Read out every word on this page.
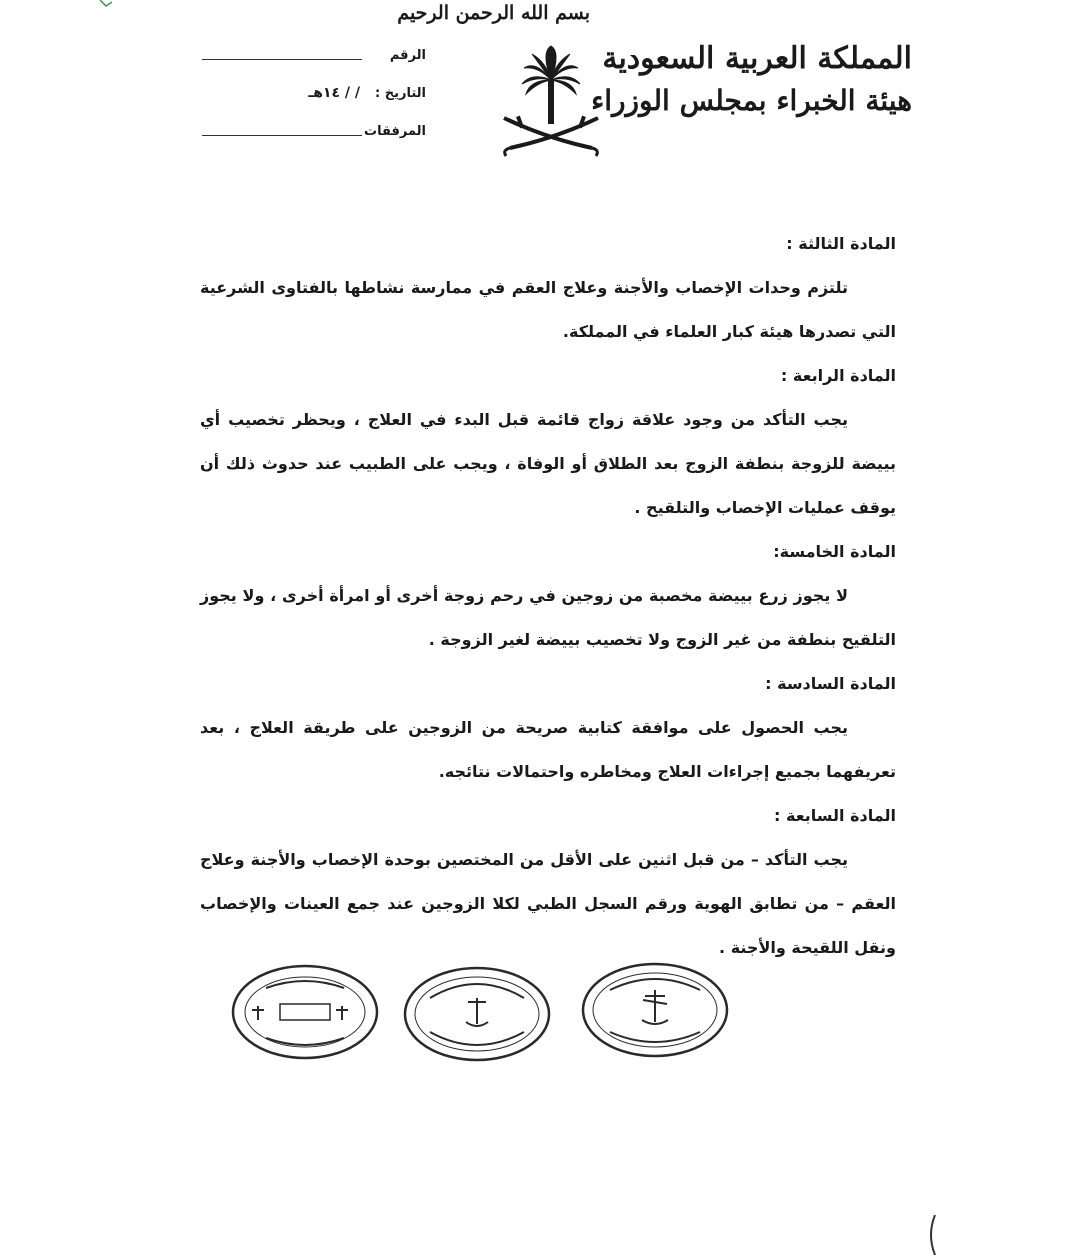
بسم الله الرحمن الرحيم
المملكة العربية السعودية
هيئة الخبراء بمجلس الوزراء
الرقم
التاريخ :
/ / ١٤هـ
المرفقات
المادة الثالثة :

تلتزم وحدات الإخصاب والأجنة وعلاج العقم في ممارسة نشاطها بالفتاوى الشرعية التي تصدرها هيئة كبار العلماء في المملكة.

المادة الرابعة :

يجب التأكد من وجود علاقة زواج قائمة قبل البدء في العلاج ، ويحظر تخصيب أي بييضة للزوجة بنطفة الزوج بعد الطلاق أو الوفاة ، ويجب على الطبيب عند حدوث ذلك أن يوقف عمليات الإخصاب والتلقيح .

المادة الخامسة:

لا يجوز زرع بييضة مخصبة من زوجين في رحم زوجة أخرى أو امرأة أخرى ، ولا يجوز التلقيح بنطفة من غير الزوج ولا تخصيب بييضة لغير الزوجة .

المادة السادسة :

يجب الحصول على موافقة كتابية صريحة من الزوجين على طريقة العلاج ، بعد تعريفهما بجميع إجراءات العلاج ومخاطره واحتمالات نتائجه.

المادة السابعة :

يجب التأكد – من قبل اثنين على الأقل من المختصين بوحدة الإخصاب والأجنة وعلاج العقم – من تطابق الهوية ورقم السجل الطبي لكلا الزوجين عند جمع العينات والإخصاب ونقل اللقيحة والأجنة .
